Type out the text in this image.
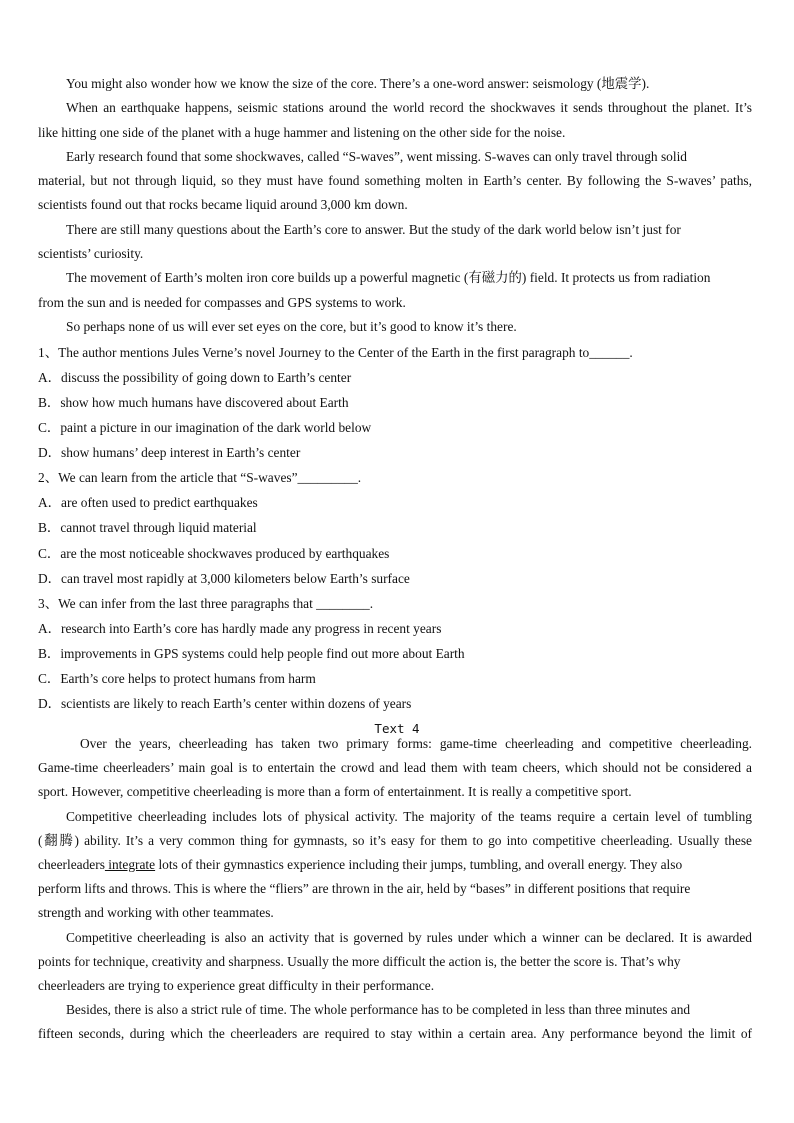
You might also wonder how we know the size of the core. There’s a one-word answer: seismology (地震学).
When an earthquake happens, seismic stations around the world record the shockwaves it sends throughout the planet. It’s
like hitting one side of the planet with a huge hammer and listening on the other side for the noise.
Early research found that some shockwaves, called “S-waves”, went missing. S-waves can only travel through solid
material, but not through liquid, so they must have found something molten in Earth’s center. By following the S-waves’ paths,
scientists found out that rocks became liquid around 3,000 km down.
There are still many questions about the Earth’s core to answer. But the study of the dark world below isn’t just for
scientists’ curiosity.
The movement of Earth’s molten iron core builds up a powerful magnetic (有磁力的) field. It protects us from radiation
from the sun and is needed for compasses and GPS systems to work.
So perhaps none of us will ever set eyes on the core, but it’s good to know it’s there.
1、The author mentions Jules Verne’s novel Journey to the Center of the Earth in the first paragraph to______.
A．discuss the possibility of going down to Earth’s center
B．show how much humans have discovered about Earth
C．paint a picture in our imagination of the dark world below
D．show humans’ deep interest in Earth’s center
2、We can learn from the article that “S-waves”_________.
A．are often used to predict earthquakes
B．cannot travel through liquid material
C．are the most noticeable shockwaves produced by earthquakes
D．can travel most rapidly at 3,000 kilometers below Earth’s surface
3、We can infer from the last three paragraphs that ________.
A．research into Earth’s core has hardly made any progress in recent years
B．improvements in GPS systems could help people find out more about Earth
C．Earth’s core helps to protect humans from harm
D．scientists are likely to reach Earth’s center within dozens of years
Text 4
Over the years, cheerleading has taken two primary forms: game-time cheerleading and competitive cheerleading.
Game-time cheerleaders’ main goal is to entertain the crowd and lead them with team cheers, which should not be considered a
sport. However, competitive cheerleading is more than a form of entertainment. It is really a competitive sport.
Competitive cheerleading includes lots of physical activity. The majority of the teams require a certain level of tumbling
(翻腾) ability. It’s a very common thing for gymnasts, so it’s easy for them to go into competitive cheerleading. Usually these
cheerleaders integrate lots of their gymnastics experience including their jumps, tumbling, and overall energy. They also
perform lifts and throws. This is where the “fliers” are thrown in the air, held by “bases” in different positions that require
strength and working with other teammates.
Competitive cheerleading is also an activity that is governed by rules under which a winner can be declared. It is awarded
points for technique, creativity and sharpness. Usually the more difficult the action is, the better the score is. That’s why
cheerleaders are trying to experience great difficulty in their performance.
Besides, there is also a strict rule of time. The whole performance has to be completed in less than three minutes and
fifteen seconds, during which the cheerleaders are required to stay within a certain area. Any performance beyond the limit of
